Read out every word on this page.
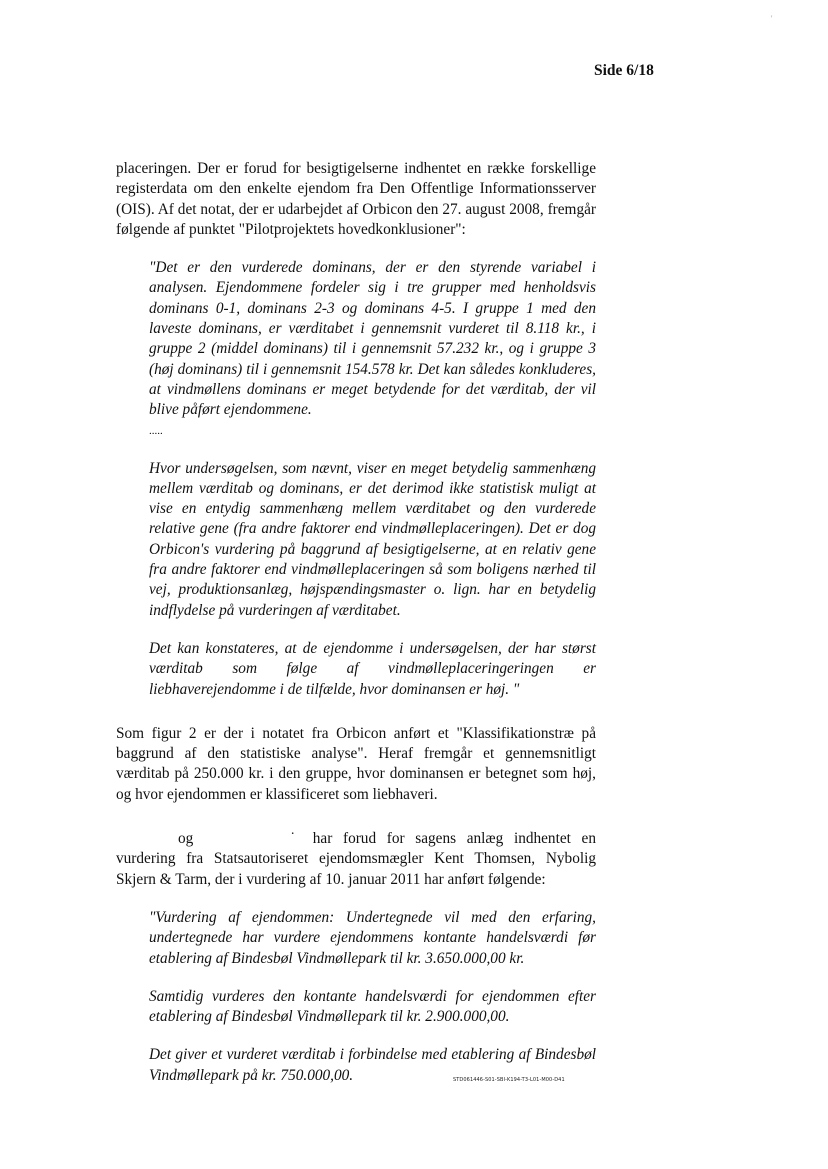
'
Side 6/18

placeringen. Der er forud for besigtigelserne indhentet en række forskellige registerdata om den enkelte ejendom fra Den Offentlige Informationsserver (OIS). Af det notat, der er udarbejdet af Orbicon den 27. august 2008, fremgår følgende af punktet "Pilotprojektets hovedkonklusioner":

"Det er den vurderede dominans, der er den styrende variabel i analysen. Ejendommene fordeler sig i tre grupper med henholdsvis dominans 0-1, dominans 2-3 og dominans 4-5. I gruppe 1 med den laveste dominans, er værditabet i gennemsnit vurderet til 8.118 kr., i gruppe 2 (middel dominans) til i gennemsnit 57.232 kr., og i gruppe 3 (høj dominans) til i gennemsnit 154.578 kr. Det kan således konkluderes, at vindmøllens dominans er meget betydende for det værditab, der vil blive påført ejendommene.

.....

Hvor undersøgelsen, som nævnt, viser en meget betydelig sammenhæng mellem værditab og dominans, er det derimod ikke statistisk muligt at vise en entydig sammenhæng mellem værditabet og den vurderede relative gene (fra andre faktorer end vindmølleplaceringen). Det er dog Orbicon's vurdering på baggrund af besigtigelserne, at en relativ gene fra andre faktorer end vindmølleplaceringen så som boligens nærhed til vej, produktionsanlæg, højspændingsmaster o. lign. har en betydelig indflydelse på vurderingen af værditabet.

Det kan konstateres, at de ejendomme i undersøgelsen, der har størst værditab som følge af vindmølleplaceringeringen er liebhaverejendomme i de tilfælde, hvor dominansen er høj. "

Som figur 2 er der i notatet fra Orbicon anført et "Klassifikationstræ på baggrund af den statistiske analyse". Heraf fremgår et gennemsnitligt værditab på 250.000 kr. i den gruppe, hvor dominansen er betegnet som høj, og hvor ejendommen er klassificeret som liebhaveri.

og	˙ har forud for sagens anlæg indhentet en vurdering fra Statsautoriseret ejendomsmægler Kent Thomsen, Nybolig Skjern & Tarm, der i vurdering af 10. januar 2011 har anført følgende:

"Vurdering af ejendommen: Undertegnede vil med den erfaring, undertegnede har vurdere ejendommens kontante handelsværdi før etablering af Bindesbøl Vindmøllepark til kr. 3.650.000,00 kr.

Samtidig vurderes den kontante handelsværdi for ejendommen efter etablering af Bindesbøl Vindmøllepark til kr. 2.900.000,00.

Det giver et vurderet værditab i forbindelse med etablering af Bindesbøl Vindmøllepark på kr. 750.000,00.	STD061446-S01-SBI-K194-T3-L01-M00-D41
